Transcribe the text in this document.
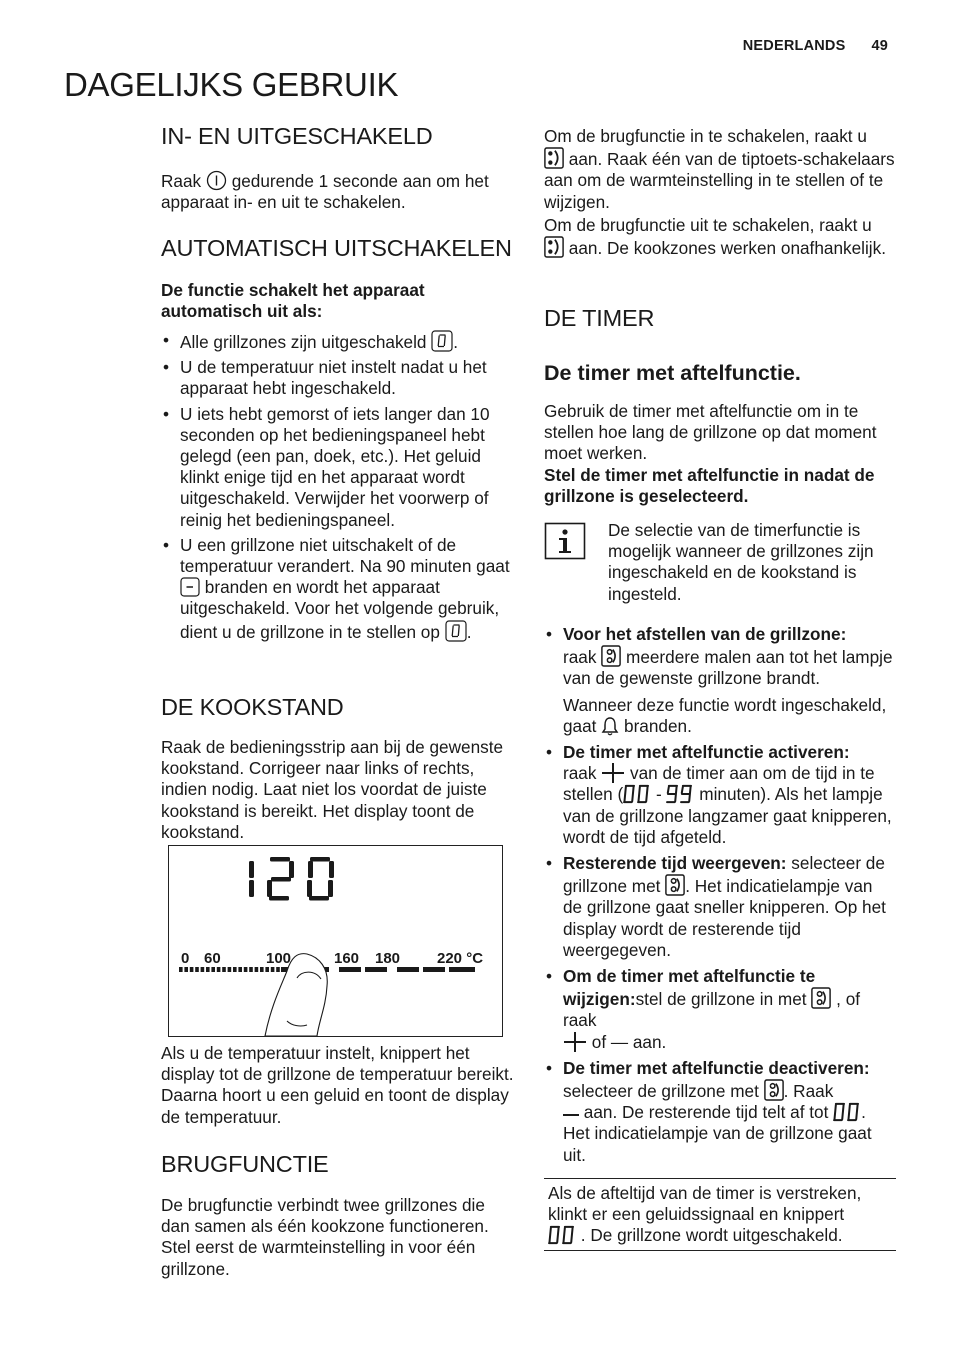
NEDERLANDS 49
DAGELIJKS GEBRUIK
IN- EN UITGESCHAKELD

Raak gedurende 1 seconde aan om het apparaat in- en uit te schakelen.

AUTOMATISCH UITSCHAKELEN

De functie schakelt het apparaat automatisch uit als:

• Alle grillzones zijn uitgeschakeld .
• U de temperatuur niet instelt nadat u het apparaat hebt ingeschakeld.
• U iets hebt gemorst of iets langer dan 10 seconden op het bedieningspaneel hebt gelegd (een pan, doek, etc.). Het geluid klinkt enige tijd en het apparaat wordt uitgeschakeld. Verwijder het voorwerp of reinig het bedieningspaneel.
• U een grillzone niet uitschakelt of de temperatuur verandert. Na 90 minuten gaat  branden en wordt het apparaat uitgeschakeld. Voor het volgende gebruik, dient u de grillzone in te stellen op .
DE KOOKSTAND

Raak de bedieningsstrip aan bij de gewenste kookstand. Corrigeer naar links of rechts, indien nodig. Laat niet los voordat de juiste kookstand is bereikt. Het display toont de kookstand.

Als u de temperatuur instelt, knippert het display tot de grillzone de temperatuur bereikt. Daarna hoort u een geluid en toont de display de temperatuur.

BRUGFUNCTIE

De brugfunctie verbindt twee grillzones die dan samen als één kookzone functioneren. Stel eerst de warmteinstelling in voor één grillzone.

0 60	100	160 180 220 °C

Om de brugfunctie in te schakelen, raakt u
aan. Raak één van de tiptoets-schakelaars aan om de warmteinstelling in te stellen of te wijzigen.

Om de brugfunctie uit te schakelen, raakt u
aan. De kookzones werken onafhankelijk.

DE TIMER
De timer met aftelfunctie.

Gebruik de timer met aftelfunctie om in te stellen hoe lang de grillzone op dat moment moet werken.

Stel de timer met aftelfunctie in nadat de grillzone is geselecteerd.

De selectie van de timerfunctie is mogelijk wanneer de grillzones zijn ingeschakeld en de kookstand is ingesteld.

• Voor het afstellen van de grillzone:
raak meerdere malen aan tot het lampje van de gewenste grillzone brandt.
Wanneer deze functie wordt ingeschakeld, gaat branden.
• De timer met aftelfunctie activeren:
raak van de timer aan om de tijd in te stellen ( - minuten). Als het lampje van de grillzone langzamer gaat knipperen, wordt de tijd afgeteld.
• Resterende tijd weergeven: selecteer de grillzone met . Het indicatielampje van de grillzone gaat sneller knipperen. Op het display wordt de resterende tijd weergegeven.
• Om de timer met aftelfunctie te wijzigen:stel de grillzone in met , of raak
of — aan.
• De timer met aftelfunctie deactiveren: selecteer de grillzone met . Raak
aan. De resterende tijd telt af tot . Het indicatielampje van de grillzone gaat uit.
Als de afteltijd van de timer is verstreken, klinkt er een geluidssignaal en knippert
. De grillzone wordt uitgeschakeld.
